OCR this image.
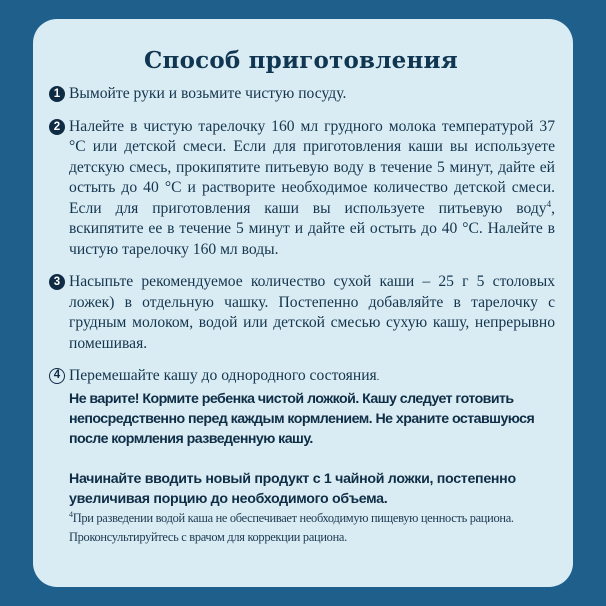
Способ приготовления

1 Вымойте руки и возьмите чистую посуду.

2 Налейте в чистую тарелочку 160 мл грудного молока температурой 37 °С или детской смеси. Если для приготовления каши вы используете детскую смесь, прокипятите питьевую воду в течение 5 минут, дайте ей остыть до 40 °С и растворите необходимое количество детской смеси. Если для приготовления каши вы используете питьевую воду$^4$, вскипятите ее в течение 5 минут и дайте ей остыть до 40 °С. Налейте в чистую тарелочку 160 мл воды.

3 Насыпьте рекомендуемое количество сухой каши – 25 г 5 столовых ложек) в отдельную чашку. Постепенно добавляйте в тарелочку с грудным молоком, водой или детской смесью сухую кашу, непрерывно помешивая.

4 Перемешайте кашу до однородного состояния.

Не варите! Кормите ребенка чистой ложкой. Кашу следует готовить непосредственно перед каждым кормлением. Не храните оставшуюся после кормления разведенную кашу.

Начинайте вводить новый продукт с 1 чайной ложки, постепенно увеличивая порцию до необходимого объема.

$^4$При разведении водой каша не обеспечивает необходимую пищевую ценность рациона. Проконсультируйтесь с врачом для коррекции рациона.
